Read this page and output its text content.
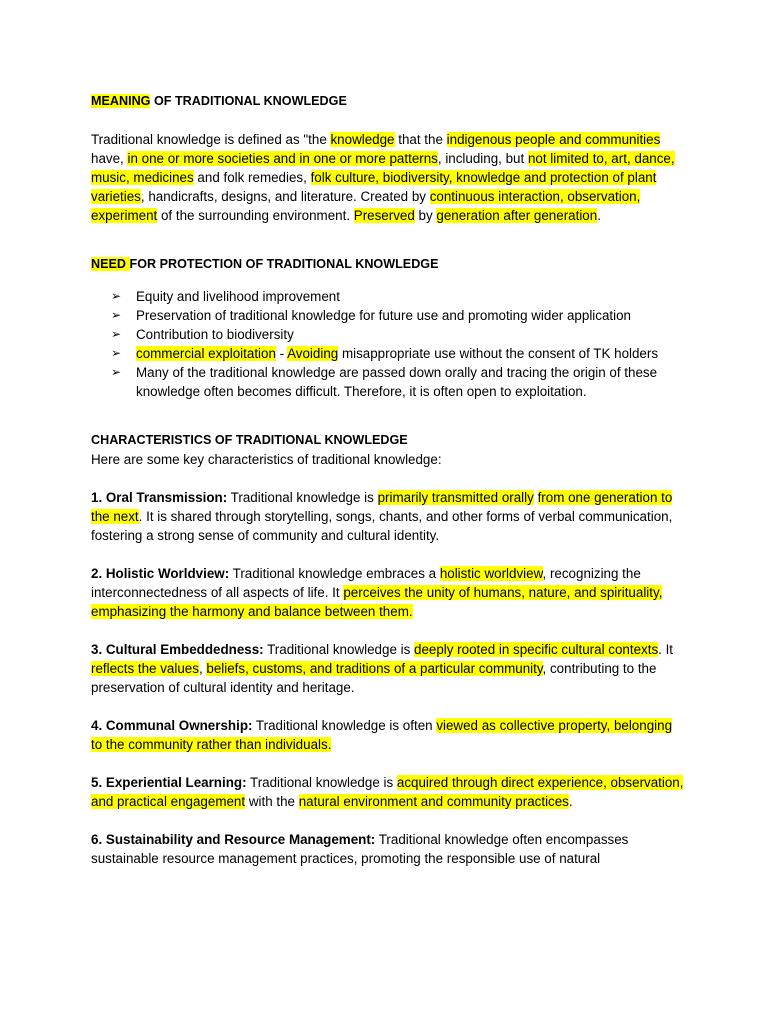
MEANING OF TRADITIONAL KNOWLEDGE

Traditional knowledge is defined as "the knowledge that the indigenous people and communities have, in one or more societies and in one or more patterns, including, but not limited to, art, dance, music, medicines and folk remedies, folk culture, biodiversity, knowledge and protection of plant varieties, handicrafts, designs, and literature. Created by continuous interaction, observation, experiment of the surrounding environment. Preserved by generation after generation.

NEED FOR PROTECTION OF TRADITIONAL KNOWLEDGE
➢ Equity and livelihood improvement
➢ Preservation of traditional knowledge for future use and promoting wider application
➢ Contribution to biodiversity
➢ commercial exploitation - Avoiding misappropriate use without the consent of TK holders
➢ Many of the traditional knowledge are passed down orally and tracing the origin of these knowledge often becomes difficult. Therefore, it is often open to exploitation.
CHARACTERISTICS OF TRADITIONAL KNOWLEDGE

Here are some key characteristics of traditional knowledge:

1. Oral Transmission: Traditional knowledge is primarily transmitted orally from one generation to the next. It is shared through storytelling, songs, chants, and other forms of verbal communication, fostering a strong sense of community and cultural identity.

2. Holistic Worldview: Traditional knowledge embraces a holistic worldview, recognizing the interconnectedness of all aspects of life. It perceives the unity of humans, nature, and spirituality, emphasizing the harmony and balance between them.

3. Cultural Embeddedness: Traditional knowledge is deeply rooted in specific cultural contexts. It reflects the values, beliefs, customs, and traditions of a particular community, contributing to the preservation of cultural identity and heritage.

4. Communal Ownership: Traditional knowledge is often viewed as collective property, belonging to the community rather than individuals.

5. Experiential Learning: Traditional knowledge is acquired through direct experience, observation, and practical engagement with the natural environment and community practices.

6. Sustainability and Resource Management: Traditional knowledge often encompasses sustainable resource management practices, promoting the responsible use of natural
